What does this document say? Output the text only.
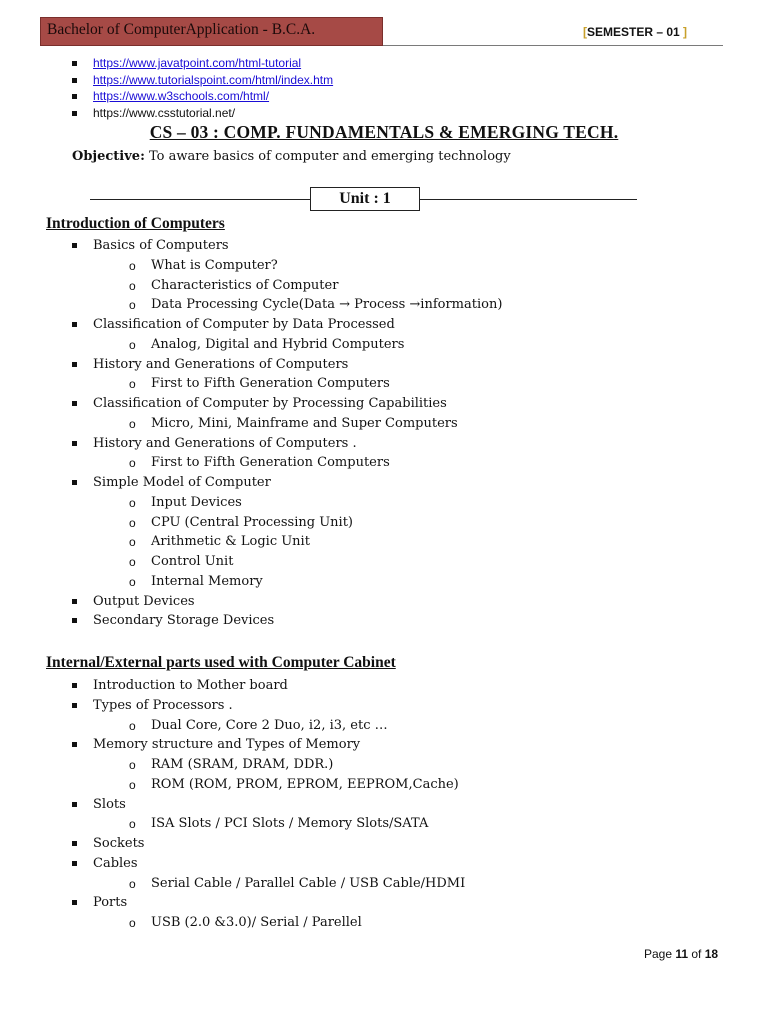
Bachelor of ComputerApplication - B.C.A.	[SEMESTER – 01 ]
https://www.javatpoint.com/html-tutorial
https://www.tutorialspoint.com/html/index.htm
https://www.w3schools.com/html/
https://www.csstutorial.net/
CS – 03 : COMP. FUNDAMENTALS & EMERGING TECH.
Objective: To aware basics of computer and emerging technology
Unit : 1
Introduction of Computers
Internal/External parts used with Computer Cabinet
Basics of Computers
o What is Computer?
o Characteristics of Computer
o Data Processing Cycle(Data → Process →information)
Classification of Computer by Data Processed
o Analog, Digital and Hybrid Computers
History and Generations of Computers
o First to Fifth Generation Computers
Classification of Computer by Processing Capabilities
o Micro, Mini, Mainframe and Super Computers
History and Generations of Computers .
o First to Fifth Generation Computers
Simple Model of Computer
o Input Devices
o CPU (Central Processing Unit)
o Arithmetic & Logic Unit
o Control Unit
o Internal Memory
Output Devices
Secondary Storage Devices
Introduction to Mother board
Types of Processors .
o Dual Core, Core 2 Duo, i2, i3, etc …
Memory structure and Types of Memory
o RAM (SRAM, DRAM, DDR.)
o ROM (ROM, PROM, EPROM, EEPROM,Cache)
Slots
o ISA Slots / PCI Slots / Memory Slots/SATA
Sockets
Cables
o Serial Cable / Parallel Cable / USB Cable/HDMI
Ports
o USB (2.0 &3.0)/ Serial / Parellel
Page 11 of 18
